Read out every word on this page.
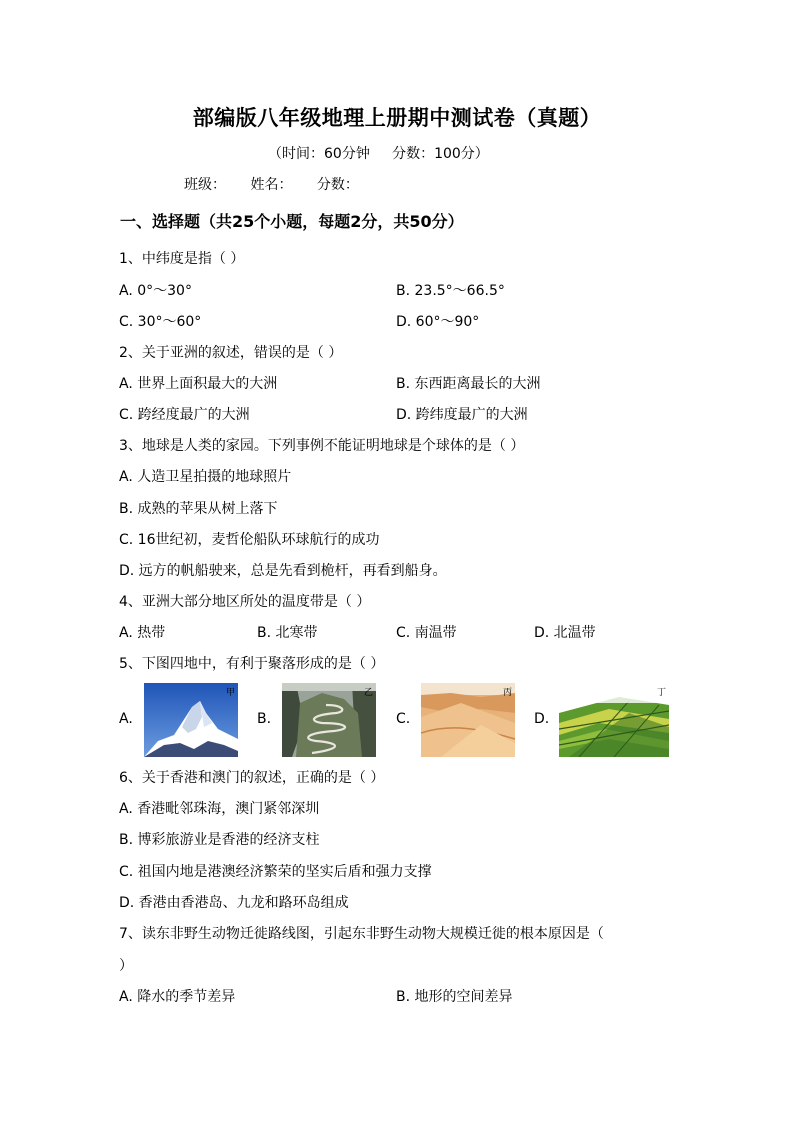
部编版八年级地理上册期中测试卷（真题）
（时间：60分钟     分数：100分）
班级： 姓名： 分数：
一、选择题（共25个小题，每题2分，共50分）
1、中纬度是指（ ）
A. 0°～30°	B. 23.5°～66.5°
C. 30°～60°	D. 60°～90°
2、关于亚洲的叙述，错误的是（ ）
A. 世界上面积最大的大洲	B. 东西距离最长的大洲
C. 跨经度最广的大洲	D. 跨纬度最广的大洲
3、地球是人类的家园。下列事例不能证明地球是个球体的是（ ）
A. 人造卫星拍摄的地球照片
B. 成熟的苹果从树上落下
C. 16世纪初，麦哲伦船队环球航行的成功
D. 远方的帆船驶来，总是先看到桅杆，再看到船身。
4、亚洲大部分地区所处的温度带是（ ）
A. 热带	B. 北寒带	C. 南温带	D. 北温带
5、下图四地中，有利于聚落形成的是（ ）
A.
甲
B.
乙
C.
丙
D.
丁
6、关于香港和澳门的叙述，正确的是（ ）
A. 香港毗邻珠海，澳门紧邻深圳
B. 博彩旅游业是香港的经济支柱
C. 祖国内地是港澳经济繁荣的坚实后盾和强力支撑
D. 香港由香港岛、九龙和路环岛组成
7、读东非野生动物迁徙路线图，引起东非野生动物大规模迁徙的根本原因是（
）
A. 降水的季节差异	B. 地形的空间差异
